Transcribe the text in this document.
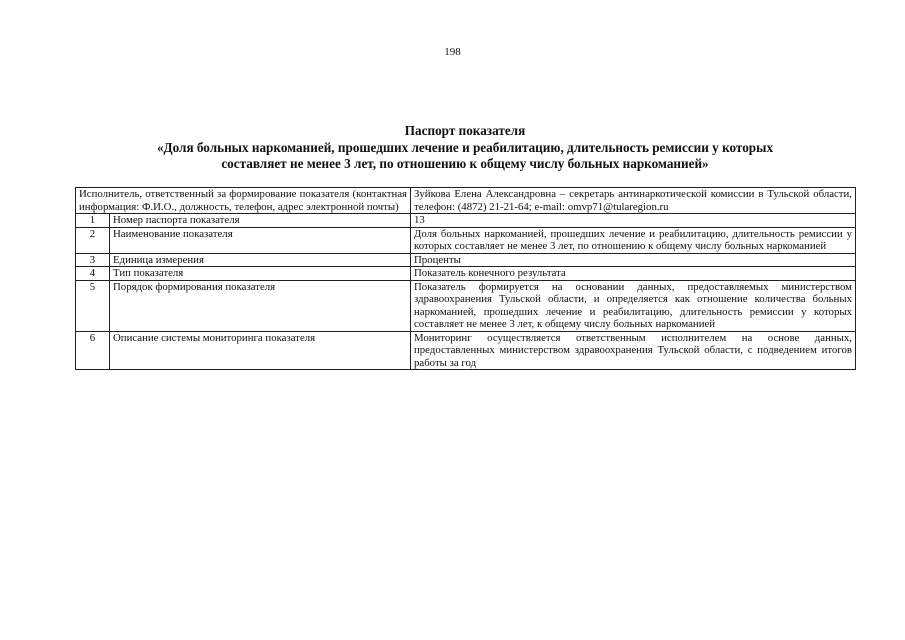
198
Паспорт показателя
«Доля больных наркоманией, прошедших лечение и реабилитацию, длительность ремиссии у которых
составляет не менее 3 лет, по отношению к общему числу больных наркоманией»
Исполнитель, ответственный за формирование показателя (контактная информация: Ф.И.О., должность, телефон, адрес электронной почты)		Зуйкова Елена Александровна – секретарь антинаркотической комиссии в Тульской области, телефон: (4872) 21-21-64; e-mail: omvp71@tularegion.ru
1	Номер паспорта показателя	13
2	Наименование показателя	Доля больных наркоманией, прошедших лечение и реабилитацию, длительность ремиссии у которых составляет не менее 3 лет, по отношению к общему числу больных наркоманией
3	Единица измерения	Проценты
4	Тип показателя	Показатель конечного результата
5	Порядок формирования показателя	Показатель формируется на основании данных, предоставляемых министерством здравоохранения Тульской области, и определяется как отношение количества больных наркоманией, прошедших лечение и реабилитацию, длительность ремиссии у которых составляет не менее 3 лет, к общему числу больных наркоманией
6	Описание системы мониторинга показателя	Мониторинг осуществляется ответственным исполнителем на основе данных, предоставленных министерством здравоохранения Тульской области, с подведением итогов работы за год
